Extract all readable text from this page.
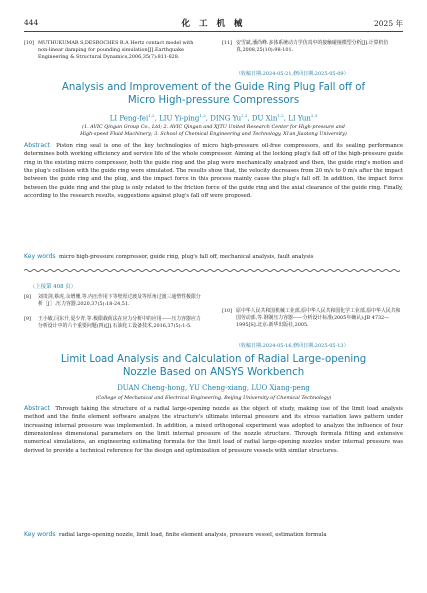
444	化 工 机 械	2025 年
[10] MUTHUKUMAR S,DESROCHES R.A Hertz contact model with non-linear damping for pounding simulation[J].Earthquake Engineering & Structural Dynamics,2006,35(7):811-828.
[11] 安雪斌,潘尚峰.多体系统动力学仿真中的接触碰撞模型分析[J].计算机仿真,2008,25(10):98-101.
（收稿日期:2024-05-21,修回日期:2025-05-09）
Analysis and Improvement of the Guide Ring Plug Fall off of
Micro High-pressure Compressors
LI Peng-fei$^{1,2}$, LIU Yi-ping$^{1,2}$, DING Yu$^{2,3}$, DU Xin$^{1,2}$, LI Yun$^{2,3}$
(1. AVIC Qingan Group Co., Ltd; 2. AVIC Qingan and XJTU United Research Center for High-pressure and
High-speed Fluid Machinery; 3. School of Chemical Engineering and Technology, Xi'an Jiaotong University)
Abstract Piston ring seal is one of the key technologies of micro high-pressure oil-free compressors, and its sealing performance determines both working efficiency and service life of the whole compressor. Aiming at the locking plug's fall off of the high-pressure guide ring in the existing micro compressor, both the guide ring and the plug were mechanically analyzed and then, the guide ring's motion and the plug's collision with the guide ring were simulated. The results show that, the velocity decreases from 20 m/s to 0 m/s after the impact between the guide ring and the plug, and the impact force in this process mainly cause the plug's fall off. In addition, the impact force between the guide ring and the plug is only related to the friction force of the guide ring and the axial clearance of the guide ring. Finally, according to the research results, suggestions against plug's fall off were proposed.
Key words micro high-pressure compressor, guide ring, plug's fall off, mechanical analysis, fault analysis
（上接第 408 页）
[8]	刘贵剑,蔡虎,余增珊,等.内压作用下等壁厚过渡及等厚角过渡三通塑性极限分析［J］.压力容器,2020,37(5):18-24,51.
[9]	王小敏,闫东升,夏少青,等.极限载荷法在应力分析中的应用——压力容器应力分析设计中的六个重要问题(四)[J].石油化工设备技术,2016,37(5):1-5.
[10] 原中华人民共和国机械工业部,原中华人民共和国化学工业部,原中华人民共和国劳动部,等.钢制压力容器——分析设计标准(2005年确认):JB 4732—1995[S].北京:新华出版社,2005.
（收稿日期:2024-05-16,修回日期:2025-05-13）
Limit Load Analysis and Calculation of Radial Large-opening
Nozzle Based on ANSYS Workbench
DUAN Cheng-hong, YU Cheng-xiang, LUO Xiang-peng
(College of Mechanical and Electrical Engineering, Beijing University of Chemical Technology)
Abstract Through taking the structure of a radial large-opening nozzle as the object of study, making use of the limit load analysis method and the finite element software analyze the structure's ultimate internal pressure and its stress variation laws pattern under increasing internal pressure was implemented. In addition, a mixed orthogonal experiment was adopted to analyze the influence of four dimensionless dimensional parameters on the limit internal pressure of the nozzle structure. Through formula fitting and extensive numerical simulations, an engineering estimating formula for the limit load of radial large-opening nozzles under internal pressure was derived to provide a technical reference for the design and optimization of pressure vessels with similar structures.
Key words radial large-opening nozzle, limit load, finite element analysis, pressure vessel, estimation formula
